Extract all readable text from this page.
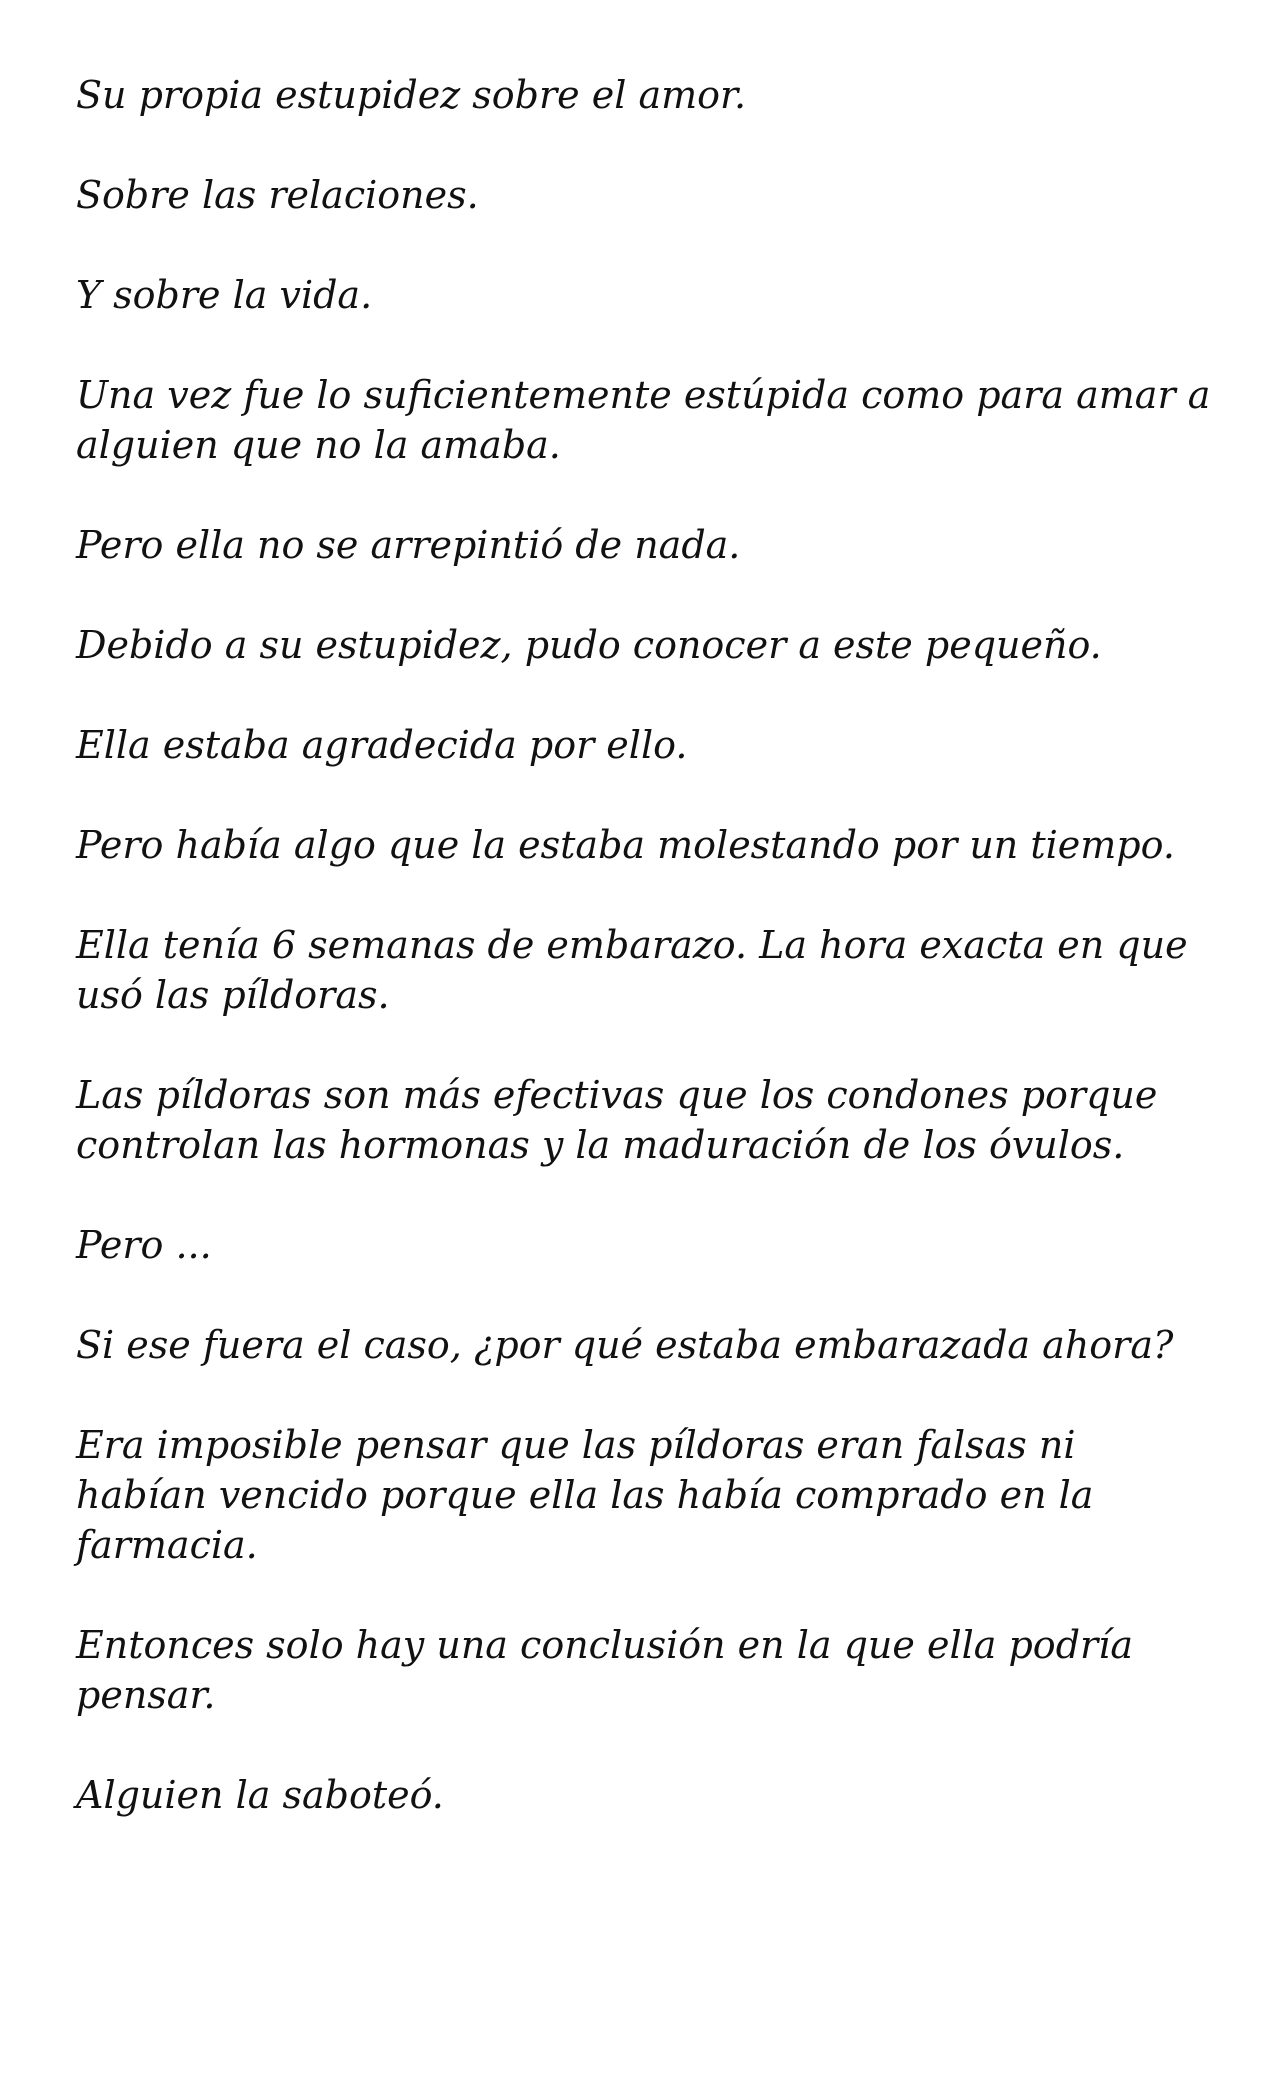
Su propia estupidez sobre el amor.

Sobre las relaciones.

Y sobre la vida.

Una vez fue lo suficientemente estúpida como para amar a alguien que no la amaba.

Pero ella no se arrepintió de nada.

Debido a su estupidez, pudo conocer a este pequeño.

Ella estaba agradecida por ello.

Pero había algo que la estaba molestando por un tiempo.

Ella tenía 6 semanas de embarazo. La hora exacta en que usó las píldoras.

Las píldoras son más efectivas que los condones porque controlan las hormonas y la maduración de los óvulos.

Pero ...

Si ese fuera el caso, ¿por qué estaba embarazada ahora?

Era imposible pensar que las píldoras eran falsas ni habían vencido porque ella las había comprado en la farmacia.

Entonces solo hay una conclusión en la que ella podría pensar.

Alguien la saboteó.
